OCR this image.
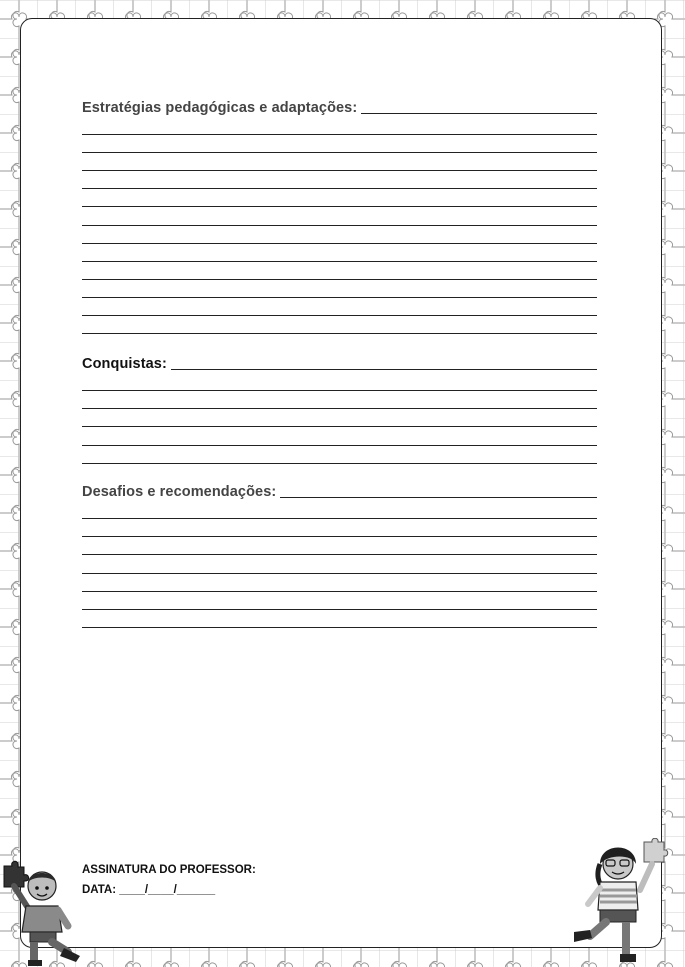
Estratégias pedagógicas e adaptações:
Conquistas:
Desafios e recomendações:
ASSINATURA DO PROFESSOR:
DATA: ____/____/______
